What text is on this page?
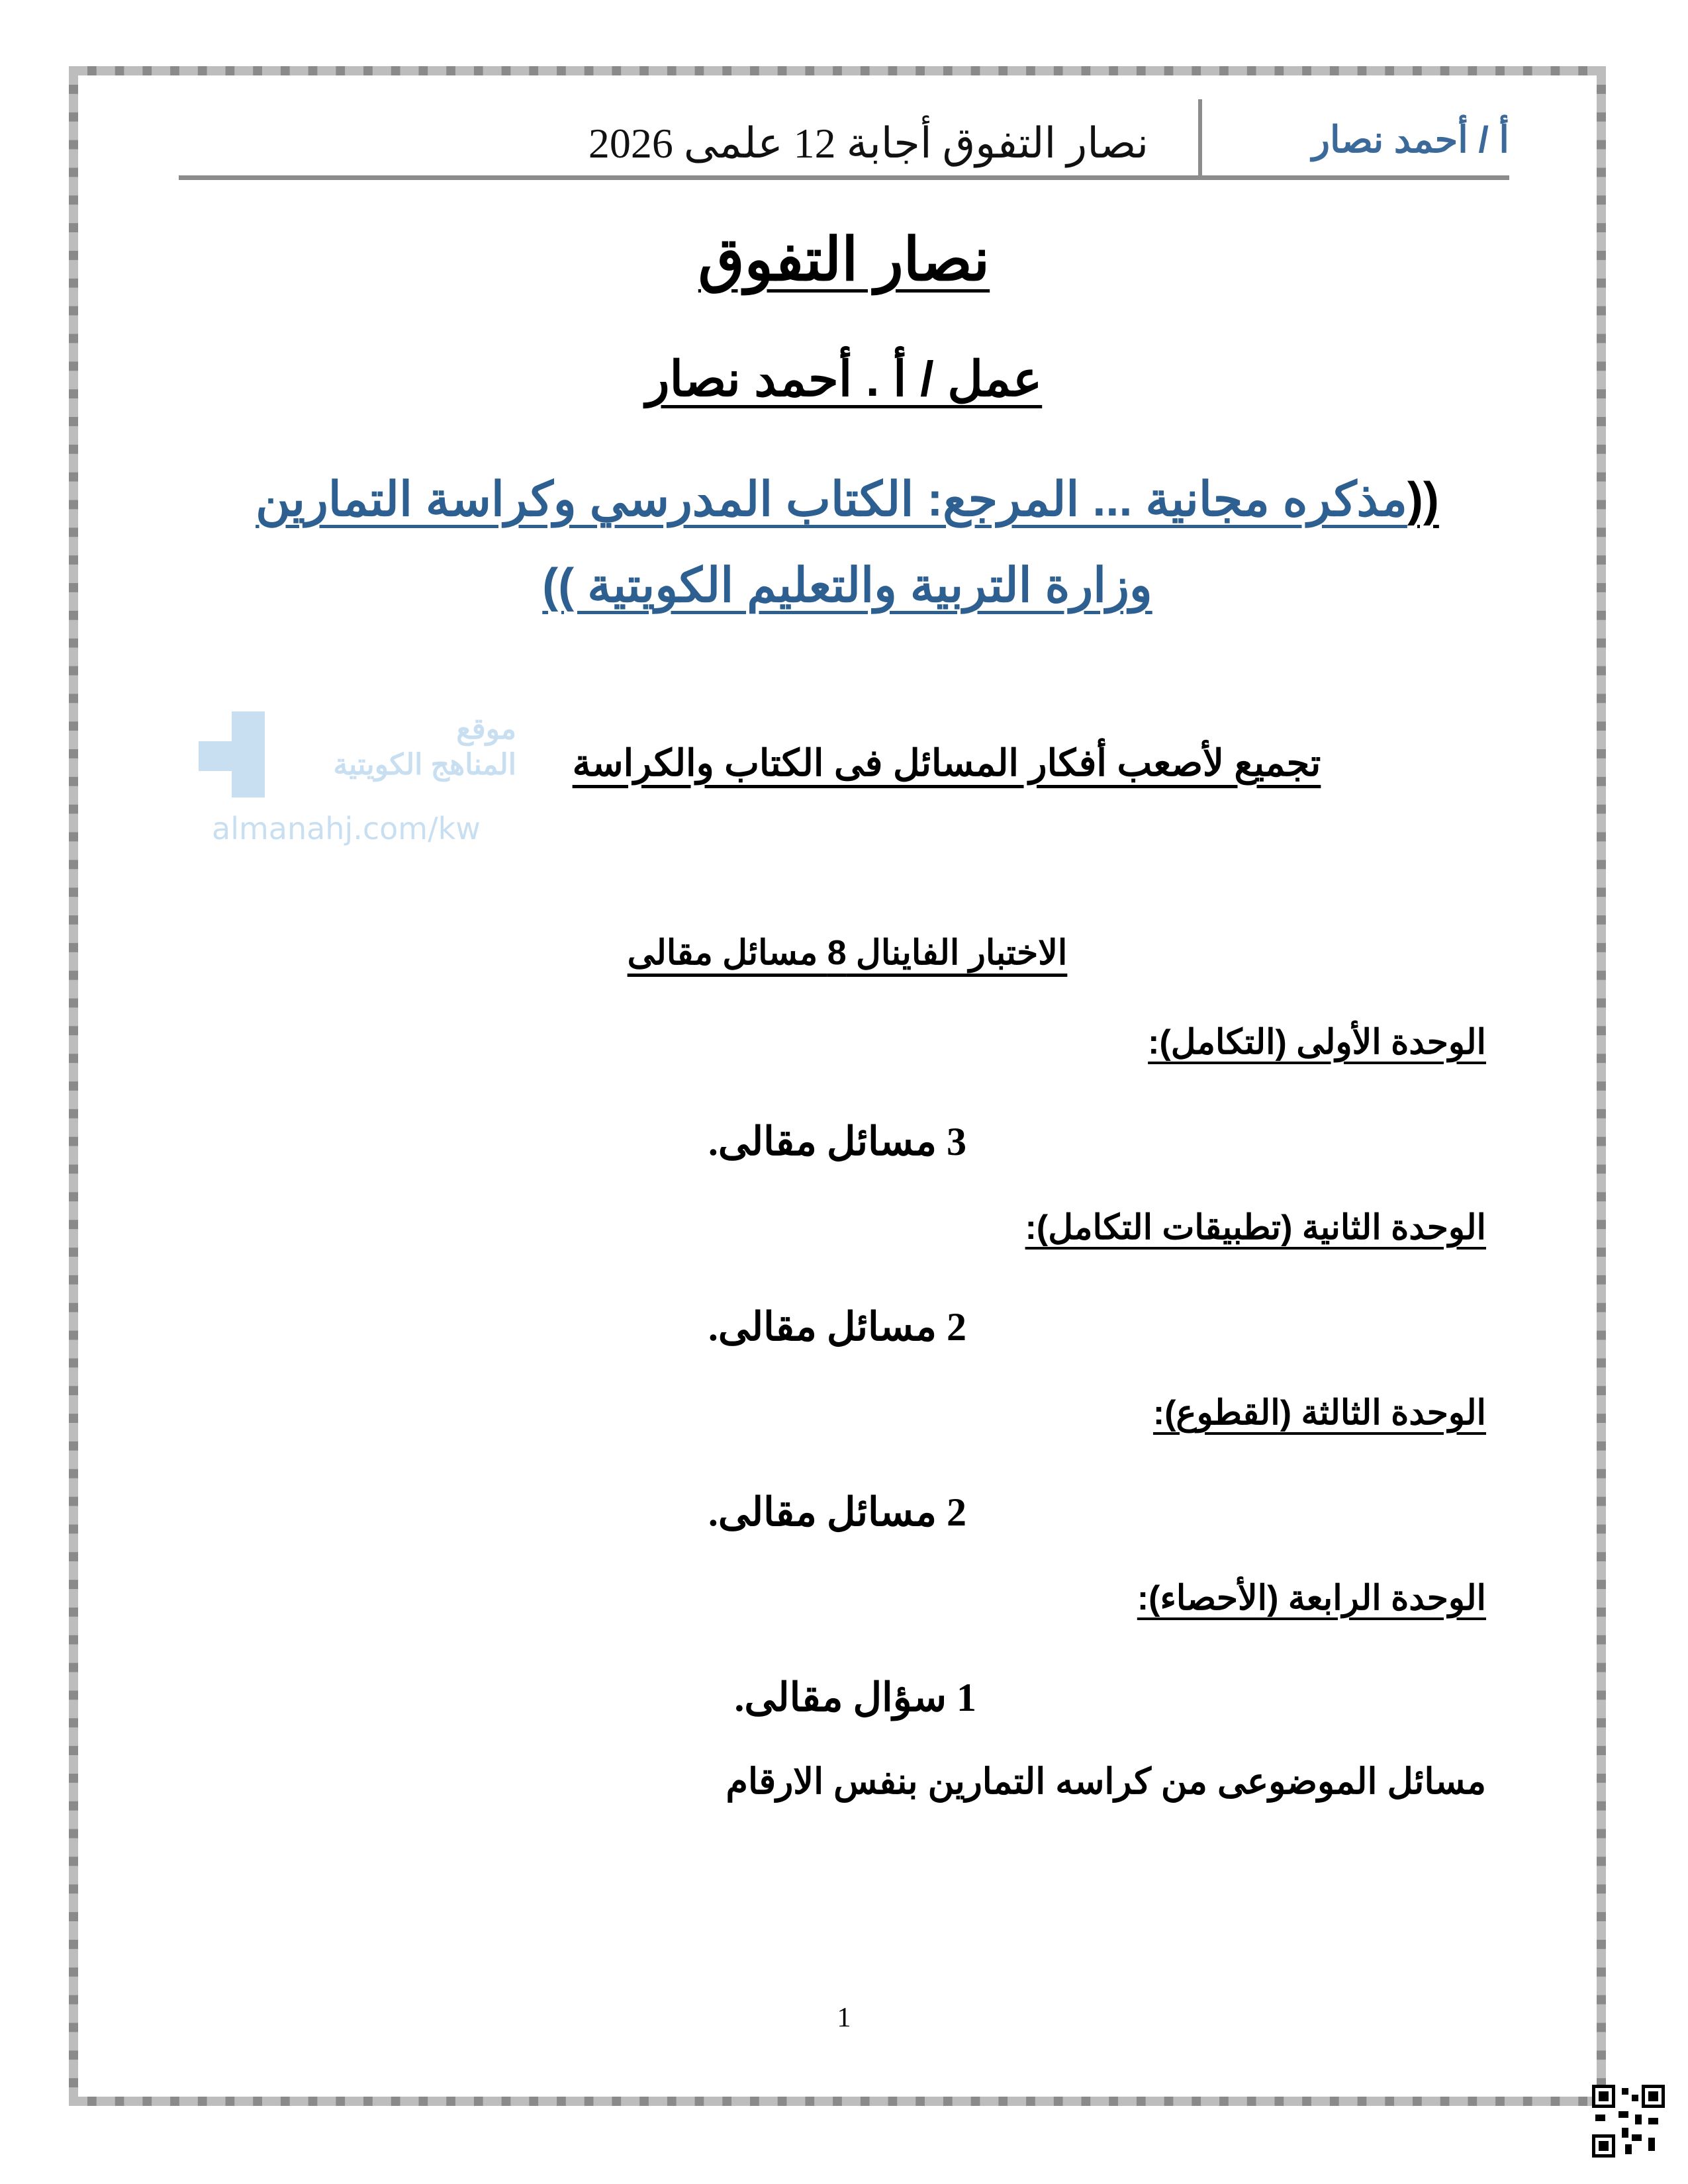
موقع
المناهج الكويتية
almanahj.com/kw
أ / أحمد نصار
نصار التفوق أجابة 12 علمى 2026
نصار التفوق
عمل / أ . أحمد نصار
((مذكره مجانية ... المرجع: الكتاب المدرسي وكراسة التمارين
وزارة التربية والتعليم الكويتية ))
تجميع لأصعب أفكار المسائل فى الكتاب والكراسة
الاختبار الفاينال 8 مسائل مقالى
الوحدة الأولى (التكامل):
3 مسائل مقالى.
الوحدة الثانية (تطبيقات التكامل):
2 مسائل مقالى.
الوحدة الثالثة (القطوع):
2 مسائل مقالى.
الوحدة الرابعة (الأحصاء):
1 سؤال مقالى.
مسائل الموضوعى من كراسه التمارين بنفس الارقام
1
